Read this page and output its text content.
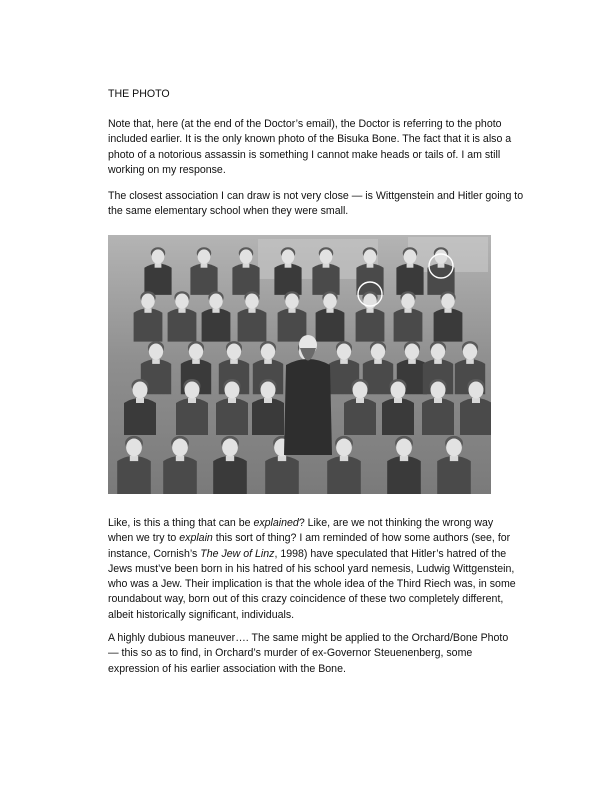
THE PHOTO
Note that, here (at the end of the Doctor’s email), the Doctor is referring to the photo
included earlier. It is the only known photo of the Bisuka Bone. The fact that it is also a
photo of a notorious assassin is something I cannot make heads or tails of. I am still
working on my response.
The closest association I can draw is not very close — is Wittgenstein and Hitler going to
the same elementary school when they were small.
Like, is this a thing that can be explained? Like, are we not thinking the wrong way
when we try to explain this sort of thing? I am reminded of how some authors (see, for
instance, Cornish’s The Jew of Linz, 1998) have speculated that Hitler’s hatred of the
Jews must’ve been born in his hatred of his school yard nemesis, Ludwig Wittgenstein,
who was a Jew. Their implication is that the whole idea of the Third Riech was, in some
roundabout way, born out of this crazy coincidence of these two completely different,
albeit historically significant, individuals.
A highly dubious maneuver…. The same might be applied to the Orchard/Bone Photo
— this so as to find, in Orchard’s murder of ex-Governor Steuenenberg, some
expression of his earlier association with the Bone.
